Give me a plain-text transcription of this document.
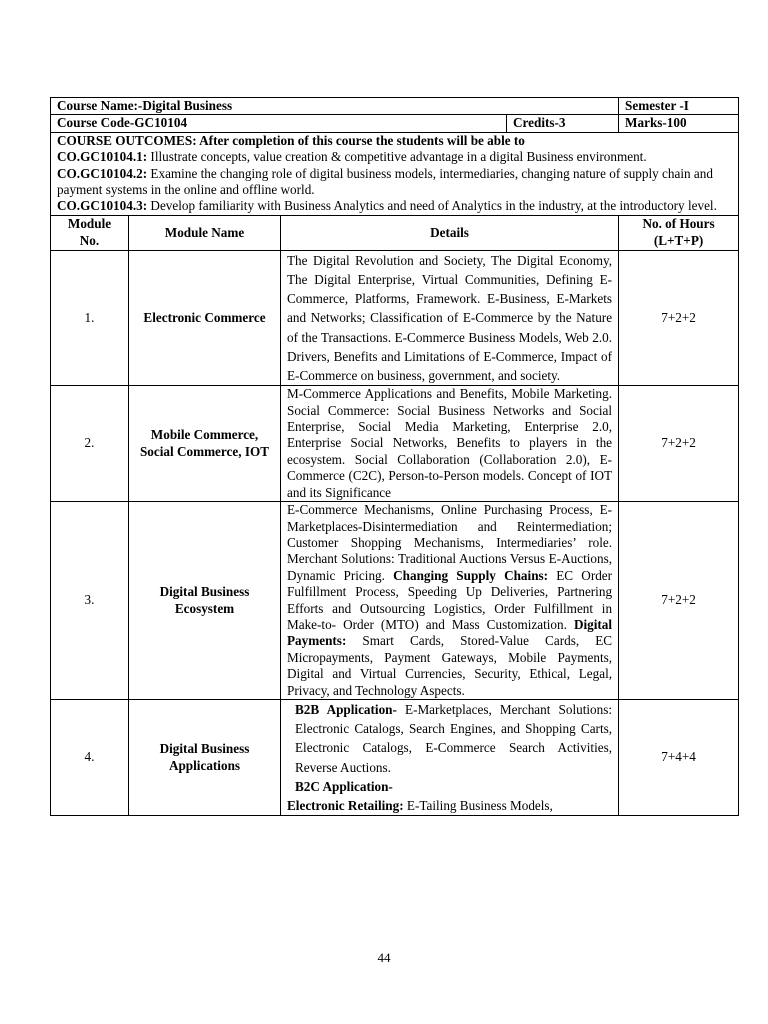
Course Name:-Digital Business				Semester -I
Course Code-GC10104			Credits-3	Marks-100

COURSE OUTCOMES: After completion of this course the students will be able to
CO.GC10104.1: Illustrate concepts, value creation & competitive advantage in a digital Business environment.
CO.GC10104.2: Examine the changing role of digital business models, intermediaries, changing nature of supply chain and payment systems in the online and offline world.
CO.GC10104.3: Develop familiarity with Business Analytics and need of Analytics in the industry, at the introductory level.				

Module No.	Module Name	Details		No. of Hours (L+T+P)
1.	Electronic Commerce	The Digital Revolution and Society, The Digital Economy, The Digital Enterprise, Virtual Communities, Defining E-Commerce, Platforms, Framework. E-Business, E-Markets and Networks; Classification of E-Commerce by the Nature of the Transactions. E-Commerce Business Models, Web 2.0. Drivers, Benefits and Limitations of E-Commerce, Impact of E-Commerce on business, government, and society.		7+2+2
2.	Mobile Commerce, Social Commerce, IOT	M-Commerce Applications and Benefits, Mobile Marketing. Social Commerce: Social Business Networks and Social Enterprise, Social Media Marketing, Enterprise 2.0, Enterprise Social Networks, Benefits to players in the ecosystem. Social Collaboration (Collaboration 2.0), E-Commerce (C2C), Person-to-Person models. Concept of IOT and its Significance		7+2+2
3.	Digital Business Ecosystem	E-Commerce Mechanisms, Online Purchasing Process, E-Marketplaces-Disintermediation and Reintermediation; Customer Shopping Mechanisms, Intermediaries’ role. Merchant Solutions: Traditional Auctions Versus E-Auctions, Dynamic Pricing. Changing Supply Chains: EC Order Fulfillment Process, Speeding Up Deliveries, Partnering Efforts and Outsourcing Logistics, Order Fulfillment in Make-to- Order (MTO) and Mass Customization. Digital Payments: Smart Cards, Stored-Value Cards, EC Micropayments, Payment Gateways, Mobile Payments, Digital and Virtual Currencies, Security, Ethical, Legal, Privacy, and Technology Aspects.		7+2+2
4.	Digital Business Applications	B2B Application- E-Marketplaces, Merchant Solutions: Electronic Catalogs, Search Engines, and Shopping Carts, Electronic Catalogs, E-Commerce Search Activities, Reverse Auctions.
B2C Application-
Electronic Retailing: E-Tailing Business Models,		7+4+4
44
